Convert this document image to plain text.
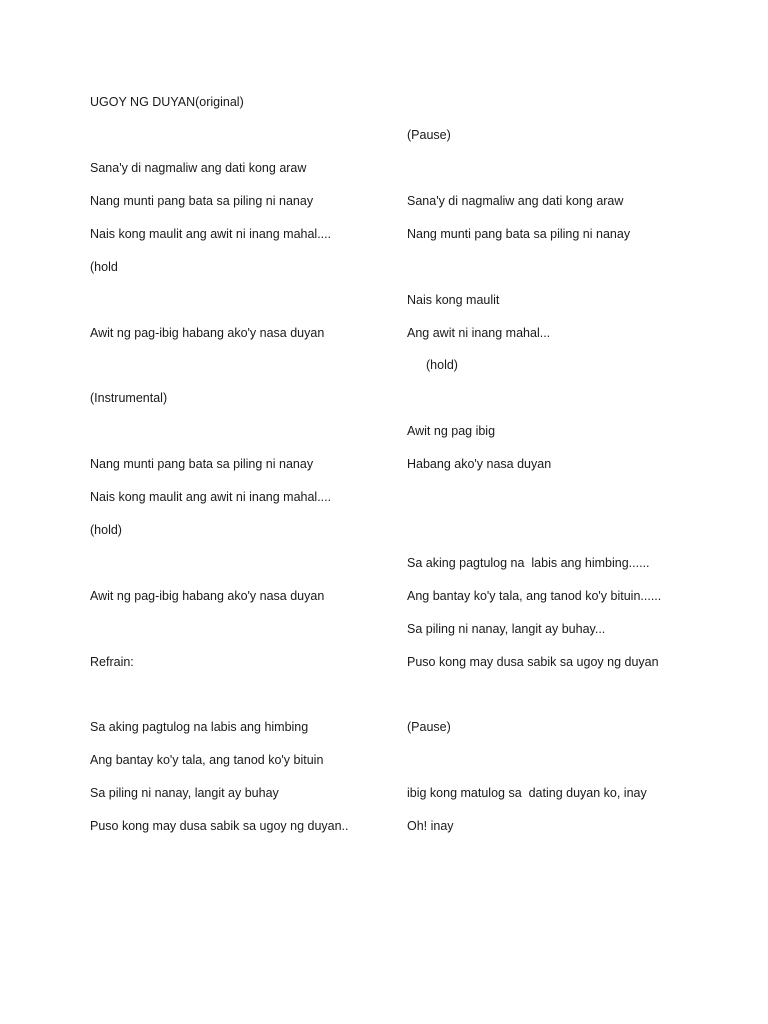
UGOY NG DUYAN(original)
Sana'y di nagmaliw ang dati kong araw
Nang munti pang bata sa piling ni nanay
Nais kong maulit ang awit ni inang mahal....
(hold
Awit ng pag-ibig habang ako'y nasa duyan
(Instrumental)
Nang munti pang bata sa piling ni nanay
Nais kong maulit ang awit ni inang mahal....
(hold)
Awit ng pag-ibig habang ako'y nasa duyan
Refrain:
Sa aking pagtulog na labis ang himbing
Ang bantay ko'y tala, ang tanod ko'y bituin
Sa piling ni nanay, langit ay buhay
Puso kong may dusa sabik sa ugoy ng duyan..
(Pause)
Sana'y di nagmaliw ang dati kong araw
Nang munti pang bata sa piling ni nanay
Nais kong maulit
Ang awit ni inang mahal...
(hold)
Awit ng pag ibig
Habang ako'y nasa duyan
Sa aking pagtulog na  labis ang himbing......
Ang bantay ko'y tala, ang tanod ko'y bituin......
Sa piling ni nanay, langit ay buhay...
Puso kong may dusa sabik sa ugoy ng duyan
(Pause)
ibig kong matulog sa  dating duyan ko, inay
Oh! inay
